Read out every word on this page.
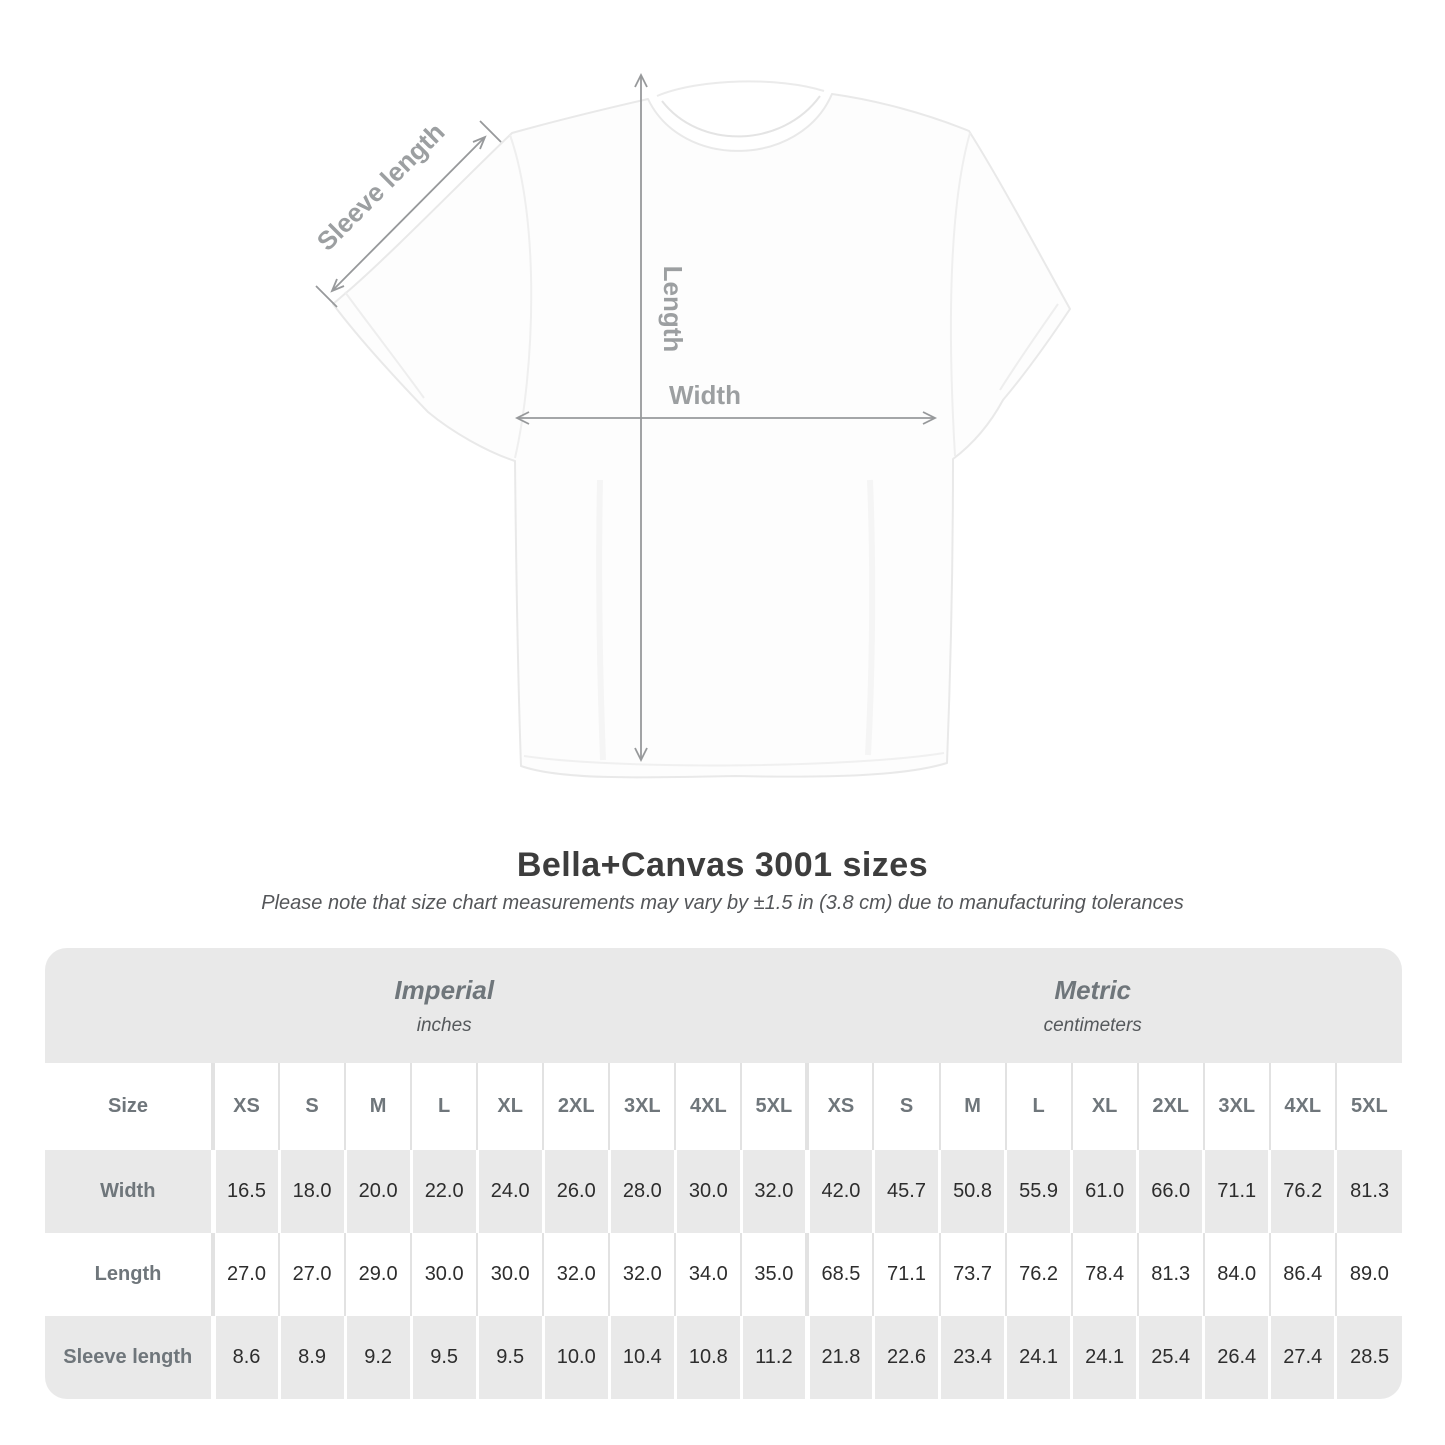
Sleeve length
Length
Width
Bella+Canvas 3001 sizes
Please note that size chart measurements may vary by ±1.5 in (3.8 cm) due to manufacturing tolerances
Imperial
inches										Metric
centimeters								

Size	XS	S	M	L	XL	2XL	3XL	4XL	5XL	XS	S	M	L	XL	2XL	3XL	4XL	5XL
Width	16.5	18.0	20.0	22.0	24.0	26.0	28.0	30.0	32.0	42.0	45.7	50.8	55.9	61.0	66.0	71.1	76.2	81.3
Length	27.0	27.0	29.0	30.0	30.0	32.0	32.0	34.0	35.0	68.5	71.1	73.7	76.2	78.4	81.3	84.0	86.4	89.0
Sleeve length	8.6	8.9	9.2	9.5	9.5	10.0	10.4	10.8	11.2	21.8	22.6	23.4	24.1	24.1	25.4	26.4	27.4	28.5
